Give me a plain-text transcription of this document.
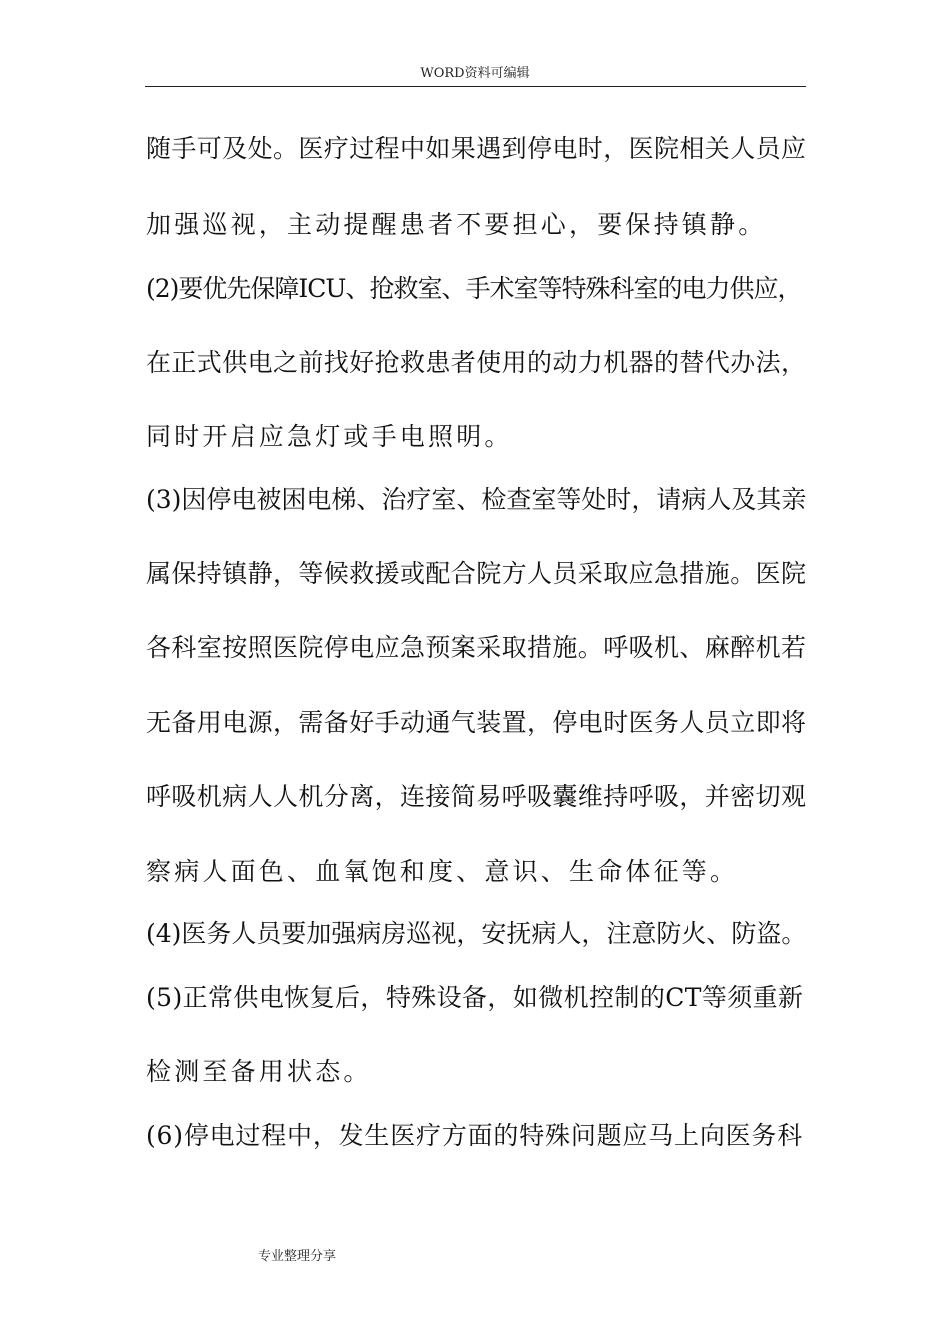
WORD资料可编辑
随手可及处。医疗过程中如果遇到停电时，医院相关人员应
加强巡视，主动提醒患者不要担心，要保持镇静。
(2)要优先保障ICU、抢救室、手术室等特殊科室的电力供应，
在正式供电之前找好抢救患者使用的动力机器的替代办法，
同时开启应急灯或手电照明。
(3)因停电被困电梯、治疗室、检查室等处时，请病人及其亲
属保持镇静，等候救援或配合院方人员采取应急措施。医院
各科室按照医院停电应急预案采取措施。呼吸机、麻醉机若
无备用电源，需备好手动通气装置，停电时医务人员立即将
呼吸机病人人机分离，连接简易呼吸囊维持呼吸，并密切观
察病人面色、血氧饱和度、意识、生命体征等。
(4)医务人员要加强病房巡视，安抚病人，注意防火、防盗。
(5)正常供电恢复后，特殊设备，如微机控制的CT等须重新
检测至备用状态。
(6)停电过程中，发生医疗方面的特殊问题应马上向医务科
专业整理分享
